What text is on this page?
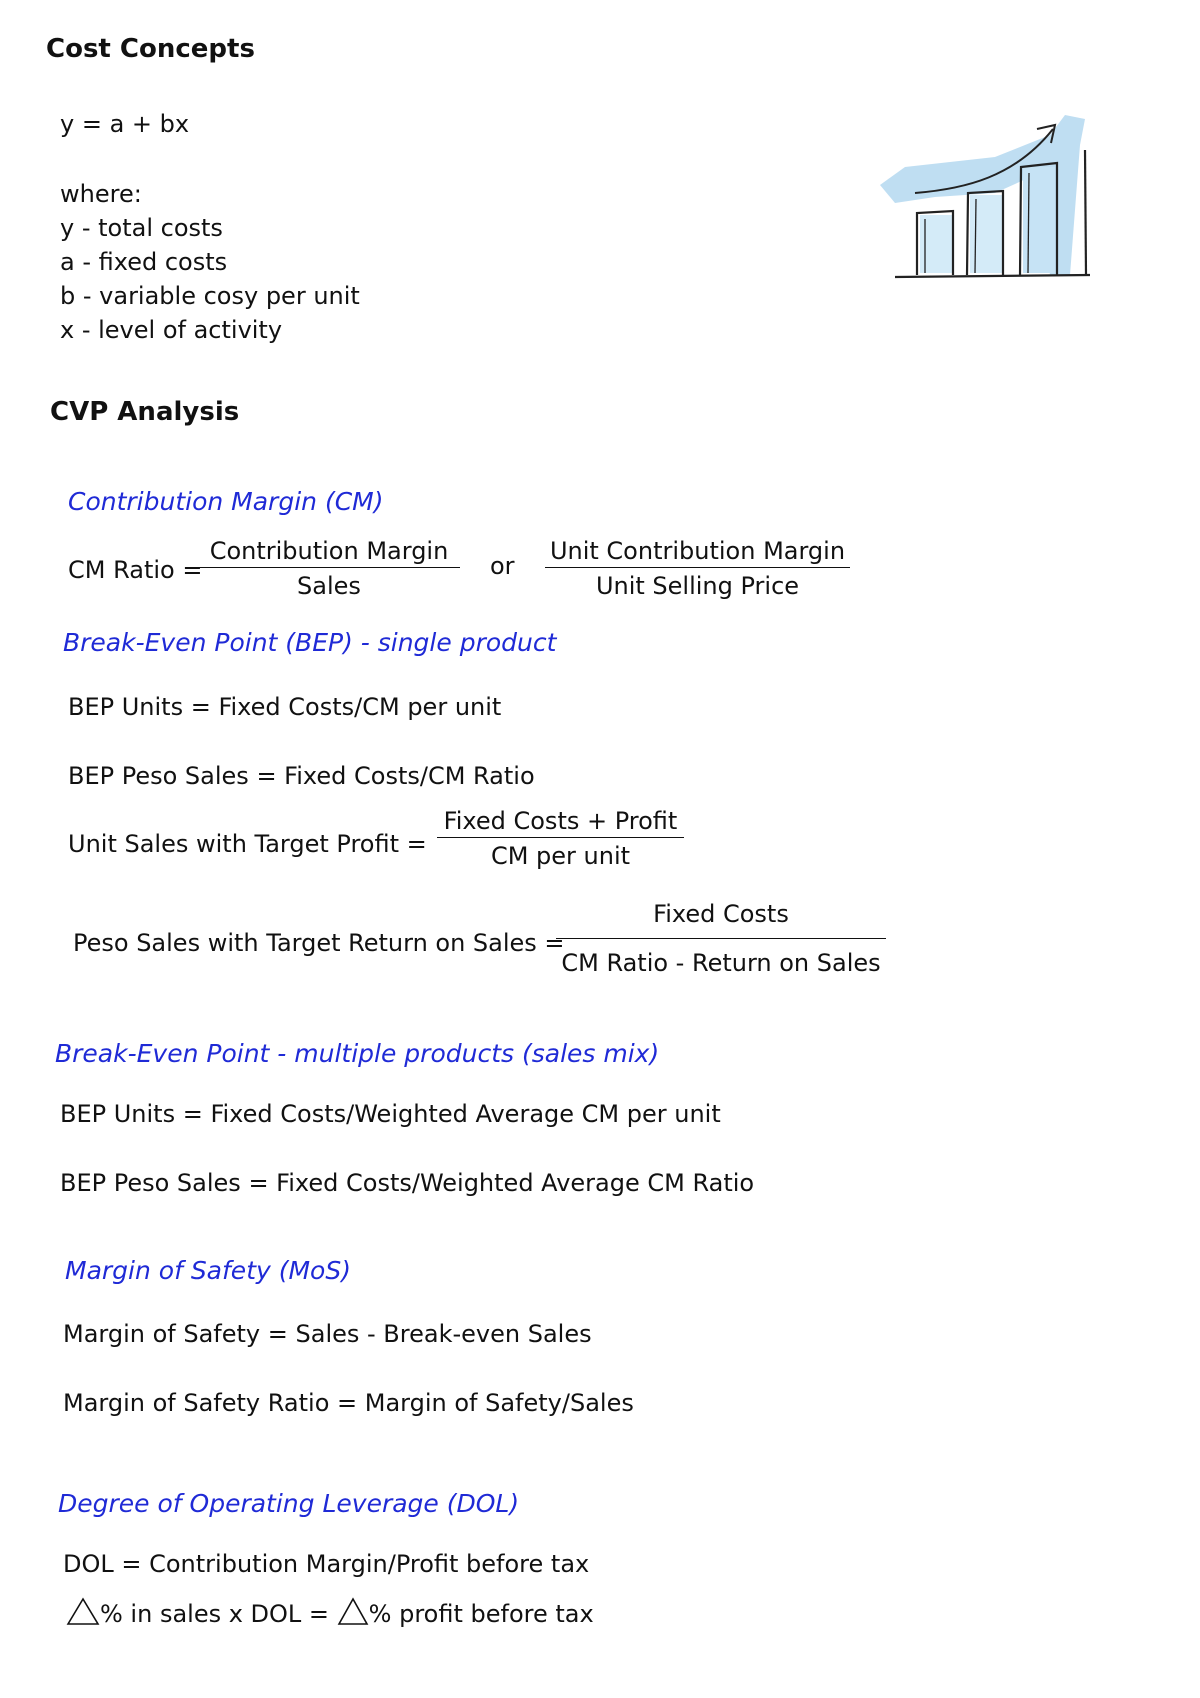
Cost Concepts
y = a + bx
where:
y - total costs
a - fixed costs
b - variable cosy per unit
x - level of activity
CVP Analysis
Contribution Margin (CM)
CM Ratio =
Contribution Margin
Sales
or
Unit Contribution Margin
Unit Selling Price
Break-Even Point (BEP) - single product
BEP Units = Fixed Costs/CM per unit
BEP Peso Sales = Fixed Costs/CM Ratio
Unit Sales with Target Profit =
Fixed Costs + Profit
CM per unit
Peso Sales with Target Return on Sales =
Fixed Costs
CM Ratio - Return on Sales
Break-Even Point - multiple products (sales mix)
BEP Units = Fixed Costs/Weighted Average CM per unit
BEP Peso Sales = Fixed Costs/Weighted Average CM Ratio
Margin of Safety (MoS)
Margin of Safety = Sales - Break-even Sales
Margin of Safety Ratio = Margin of Safety/Sales
Degree of Operating Leverage (DOL)
DOL = Contribution Margin/Profit before tax
% in sales x DOL = % profit before tax
